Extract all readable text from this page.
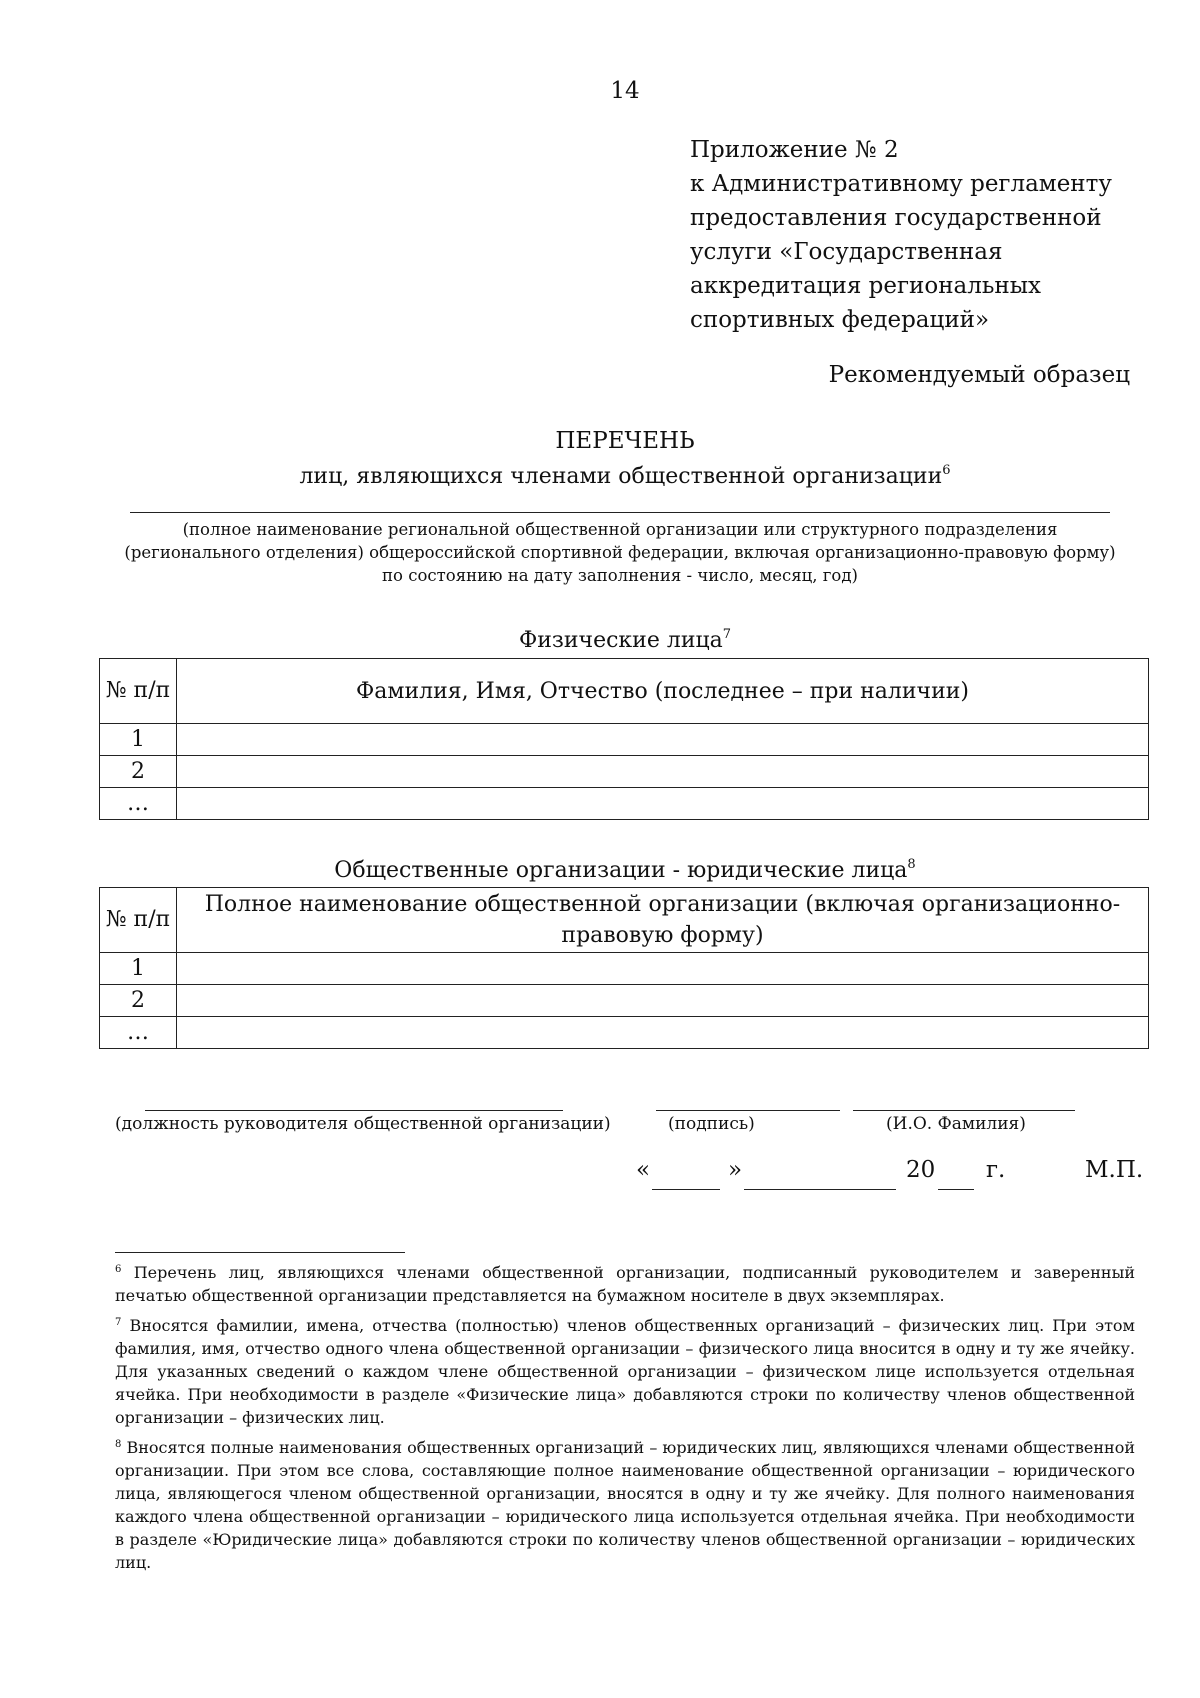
14
Приложение № 2
к Административному регламенту
предоставления государственной
услуги «Государственная
аккредитация региональных
спортивных федераций»
Рекомендуемый образец
ПЕРЕЧЕНЬ
лиц, являющихся членами общественной организации$^6$
(полное наименование региональной общественной организации или структурного подразделения (регионального отделения) общероссийской спортивной федерации, включая организационно-правовую форму) по состоянию на дату заполнения - число, месяц, год)
Физические лица$^7$
№ п/п	Фамилия, Имя, Отчество (последнее – при наличии)
1	
2	
…	
Общественные организации - юридические лица$^8$
№ п/п	Полное наименование общественной организации (включая организационно-правовую форму)
1	
2	
…	
(должность руководителя общественной организации)	(подпись)	(И.О. Фамилия)
«	»	20 г.	М.П.

$^6$ Перечень лиц, являющихся членами общественной организации, подписанный руководителем и заверенный печатью общественной организации представляется на бумажном носителе в двух экземплярах.

$^7$ Вносятся фамилии, имена, отчества (полностью) членов общественных организаций – физических лиц. При этом фамилия, имя, отчество одного члена общественной организации – физического лица вносится в одну и ту же ячейку. Для указанных сведений о каждом члене общественной организации – физическом лице используется отдельная ячейка. При необходимости в разделе «Физические лица» добавляются строки по количеству членов общественной организации – физических лиц.

$^8$ Вносятся полные наименования общественных организаций – юридических лиц, являющихся членами общественной организации. При этом все слова, составляющие полное наименование общественной организации – юридического лица, являющегося членом общественной организации, вносятся в одну и ту же ячейку. Для полного наименования каждого члена общественной организации – юридического лица используется отдельная ячейка. При необходимости в разделе «Юридические лица» добавляются строки по количеству членов общественной организации – юридических лиц.
